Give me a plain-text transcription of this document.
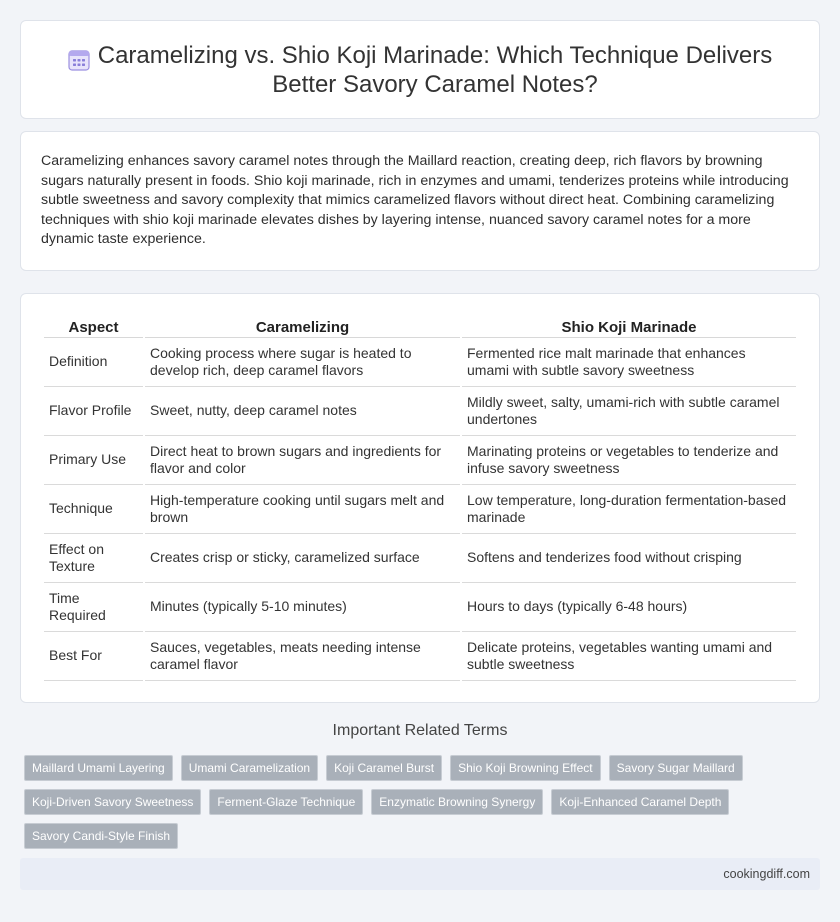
Caramelizing vs. Shio Koji Marinade: Which Technique Delivers Better Savory Caramel Notes?

Caramelizing enhances savory caramel notes through the Maillard reaction, creating deep, rich flavors by browning sugars naturally present in foods. Shio koji marinade, rich in enzymes and umami, tenderizes proteins while introducing subtle sweetness and savory complexity that mimics caramelized flavors without direct heat. Combining caramelizing techniques with shio koji marinade elevates dishes by layering intense, nuanced savory caramel notes for a more dynamic taste experience.

Aspect	Caramelizing	Shio Koji Marinade
Definition	Cooking process where sugar is heated to develop rich, deep caramel flavors	Fermented rice malt marinade that enhances umami with subtle savory sweetness
Flavor Profile	Sweet, nutty, deep caramel notes	Mildly sweet, salty, umami-rich with subtle caramel undertones
Primary Use	Direct heat to brown sugars and ingredients for flavor and color	Marinating proteins or vegetables to tenderize and infuse savory sweetness
Technique	High-temperature cooking until sugars melt and brown	Low temperature, long-duration fermentation-based marinade
Effect on Texture	Creates crisp or sticky, caramelized surface	Softens and tenderizes food without crisping
Time Required	Minutes (typically 5-10 minutes)	Hours to days (typically 6-48 hours)
Best For	Sauces, vegetables, meats needing intense caramel flavor	Delicate proteins, vegetables wanting umami and subtle sweetness
Important Related Terms
Maillard Umami Layering	Umami Caramelization	Koji Caramel Burst	Shio Koji Browning Effect	Savory Sugar Maillard
Koji-Driven Savory Sweetness	Ferment-Glaze Technique	Enzymatic Browning Synergy	Koji-Enhanced Caramel Depth
Savory Candi-Style Finish
cookingdiff.com
